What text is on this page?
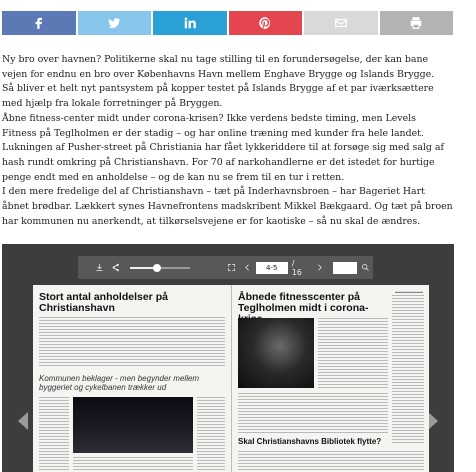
Ny bro over havnen? Politikerne skal nu tage stilling til en forundersøgelse, der kan bane vejen for endnu en bro over Københavns Havn mellem Enghave Brygge og Islands Brygge.

Så bliver et helt nyt pantsystem på kopper testet på Islands Brygge af et par iværksættere med hjælp fra lokale forretninger på Bryggen.

Åbne fitness-center midt under corona-krisen? Ikke verdens bedste timing, men Levels Fitness på Teglholmen er der stadig – og har online træning med kunder fra hele landet.

Lukningen af Pusher-street på Christiania har fået lykkeriddere til at forsøge sig med salg af hash rundt omkring på Christianshavn. For 70 af narkohandlerne er det istedet for hurtige penge endt med en anholdelse – og de kan nu se frem til en tur i retten.

I den mere fredelige del af Christianshavn – tæt på Inderhavnsbroen – har Bageriet Hart åbnet brødbar. Lækkert synes Havnefrontens madskribent Mikkel Bækgaard. Og tæt på broen har kommunen nu anerkendt, at tilkørselsvejene er for kaotiske – så nu skal de ændres.

4-5
/ 16
Stort antal anholdelser på Christianshavn
Kommunen beklager - men begynder mellem byggeriet og cykelbanen trækker ud
▬▬▬▬▬▬▬
Åbnede fitnesscenter på Teglholmen midt i corona-
Skal Christianshavns Bibliotek flytte?
